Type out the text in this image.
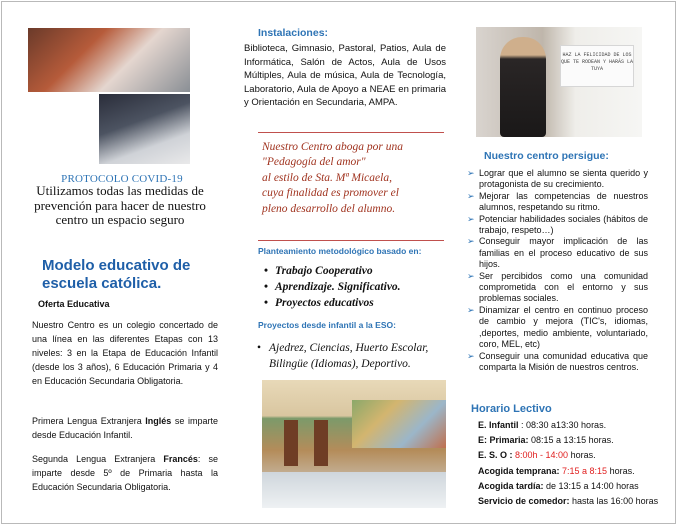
PROTOCOLO COVID-19
Utilizamos todas las medidas de prevención para hacer de nuestro centro un espacio seguro
Modelo educativo de escuela católica.
Oferta Educativa
Nuestro Centro es un colegio concertado de una línea en las diferentes Etapas con 13 niveles: 3 en la Etapa de Educación Infantil (desde los 3 años), 6 Educación Primaria y 4 en Educación Secundaria Obligatoria.
Primera Lengua Extranjera Inglés se imparte desde Educación Infantil.
Segunda Lengua Extranjera Francés: se imparte desde 5º de Primaria hasta la Educación Secundaria Obligatoria.
Instalaciones:
Biblioteca, Gimnasio, Pastoral, Patios, Aula de Informática, Salón de Actos, Aula de Usos Múltiples, Aula de música, Aula de Tecnología, Laboratorio, Aula de Apoyo a NEAE en primaria y Orientación en Secundaria, AMPA.
Nuestro Centro aboga por una
"Pedagogía del amor"
al estilo de Sta. Mª Micaela,
cuya finalidad es promover el
pleno desarrollo del alumno.
Planteamiento metodológico basado en:
• Trabajo Cooperativo
• Aprendizaje. Significativo.
• Proyectos educativos
Proyectos desde infantil a la ESO:
• Ajedrez, Ciencias, Huerto Escolar, Bilingüe (Idiomas), Deportivo.
HAZ LA FELICIDAD DE LOS QUE TE RODEAN Y HARÁS LA TUYA
Nuestro centro persigue:
➢ Lograr que el alumno se sienta querido y protagonista de su crecimiento.
➢ Mejorar las competencias de nuestros alumnos, respetando su ritmo.
➢ Potenciar habilidades sociales (hábitos de trabajo, respeto…)
➢ Conseguir mayor implicación de las familias en el proceso educativo de sus hijos.
➢ Ser percibidos como una comunidad comprometida con el entorno y sus problemas sociales.
➢ Dinamizar el centro en continuo proceso de cambio y mejora (TIC's, idiomas, ,deportes, medio ambiente, voluntariado, coro, MEL, etc)
➢ Conseguir una comunidad educativa que comparta la Misión de nuestros centros.
Horario Lectivo
E. Infantil : 08:30 a13:30 horas.
E: Primaria: 08:15 a 13:15 horas.
E. S. O : 8:00h - 14:00 horas.
Acogida temprana: 7:15 a 8:15 horas.
Acogida tardía: de 13:15 a 14:00 horas
Servicio de comedor: hasta las 16:00 horas
